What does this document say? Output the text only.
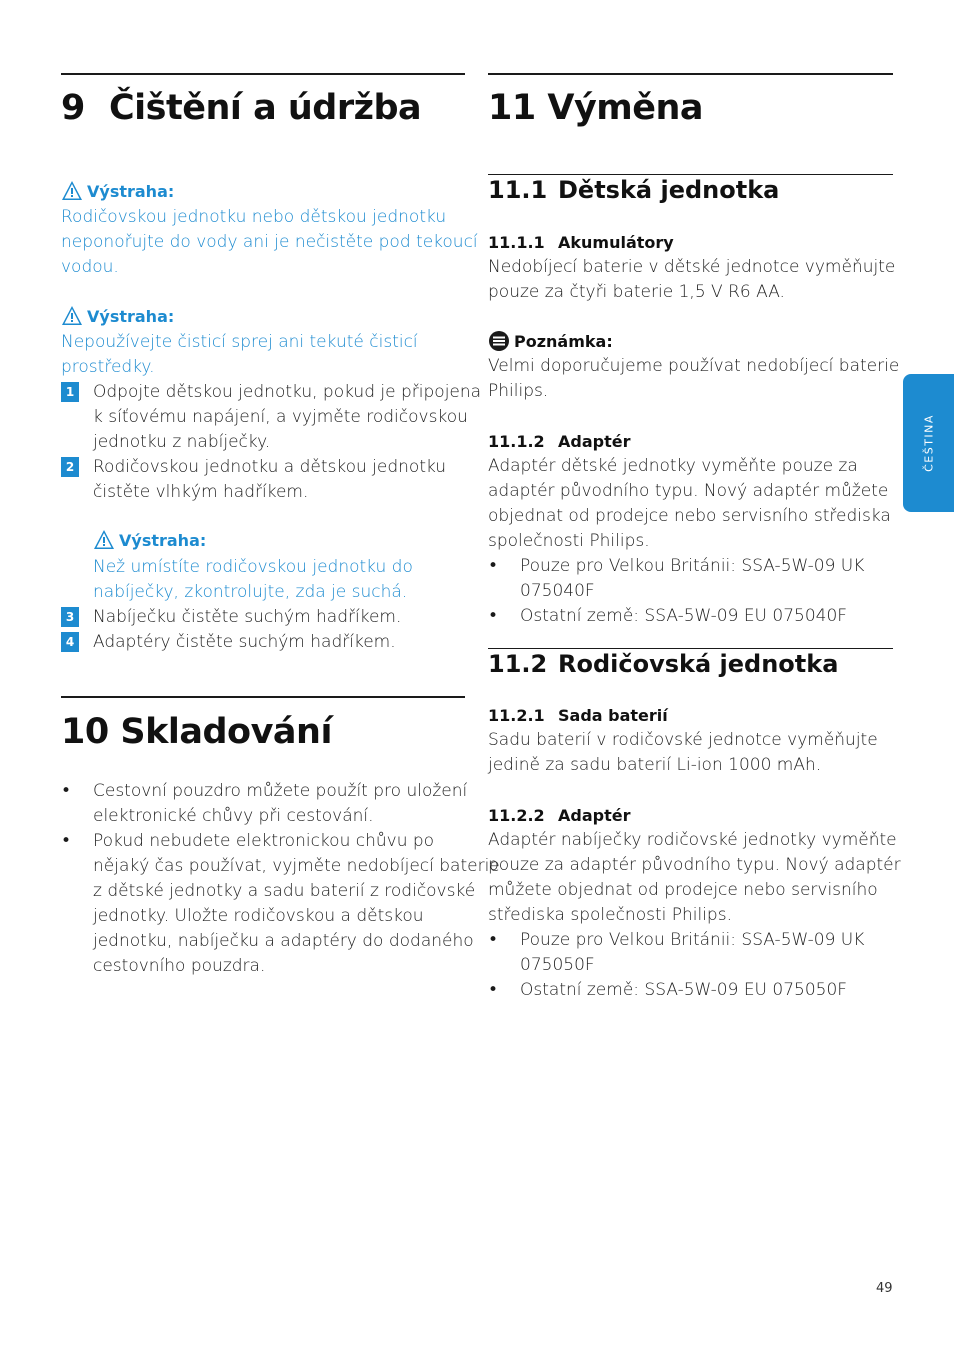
9 Čištění a údržba
Výstraha:
Rodičovskou jednotku nebo dětskou jednotku
neponořujte do vody ani je nečistěte pod tekoucí
vodou.
Výstraha:
Nepoužívejte čisticí sprej ani tekuté čisticí
prostředky.
1 Odpojte dětskou jednotku, pokud je připojena
k síťovému napájení, a vyjměte rodičovskou
jednotku z nabíječky.
2 Rodičovskou jednotku a dětskou jednotku
čistěte vlhkým hadříkem.
Výstraha:
Než umístíte rodičovskou jednotku do
nabíječky, zkontrolujte, zda je suchá.
3 Nabíječku čistěte suchým hadříkem.
4 Adaptéry čistěte suchým hadříkem.
10 Skladování
• Cestovní pouzdro můžete použít pro uložení
elektronické chůvy při cestování.
• Pokud nebudete elektronickou chůvu po
nějaký čas používat, vyjměte nedobíjecí baterie
z dětské jednotky a sadu baterií z rodičovské
jednotky. Uložte rodičovskou a dětskou
jednotku, nabíječku a adaptéry do dodaného
cestovního pouzdra.
11 Výměna
11.1 Dětská jednotka
11.1.1 Akumulátory
Nedobíjecí baterie v dětské jednotce vyměňujte
pouze za čtyři baterie 1,5 V R6 AA.
Poznámka:
Velmi doporučujeme používat nedobíjecí baterie
Philips.
11.1.2 Adaptér
Adaptér dětské jednotky vyměňte pouze za
adaptér původního typu. Nový adaptér můžete
objednat od prodejce nebo servisního střediska
společnosti Philips.
• Pouze pro Velkou Británii: SSA-5W-09 UK
075040F
• Ostatní země: SSA-5W-09 EU 075040F
11.2 Rodičovská jednotka
11.2.1 Sada baterií
Sadu baterií v rodičovské jednotce vyměňujte
jedině za sadu baterií Li-ion 1000 mAh.
11.2.2 Adaptér
Adaptér nabíječky rodičovské jednotky vyměňte
pouze za adaptér původního typu. Nový adaptér
můžete objednat od prodejce nebo servisního
střediska společnosti Philips.
• Pouze pro Velkou Británii: SSA-5W-09 UK
075050F
• Ostatní země: SSA-5W-09 EU 075050F
ČEŠTINA
49
